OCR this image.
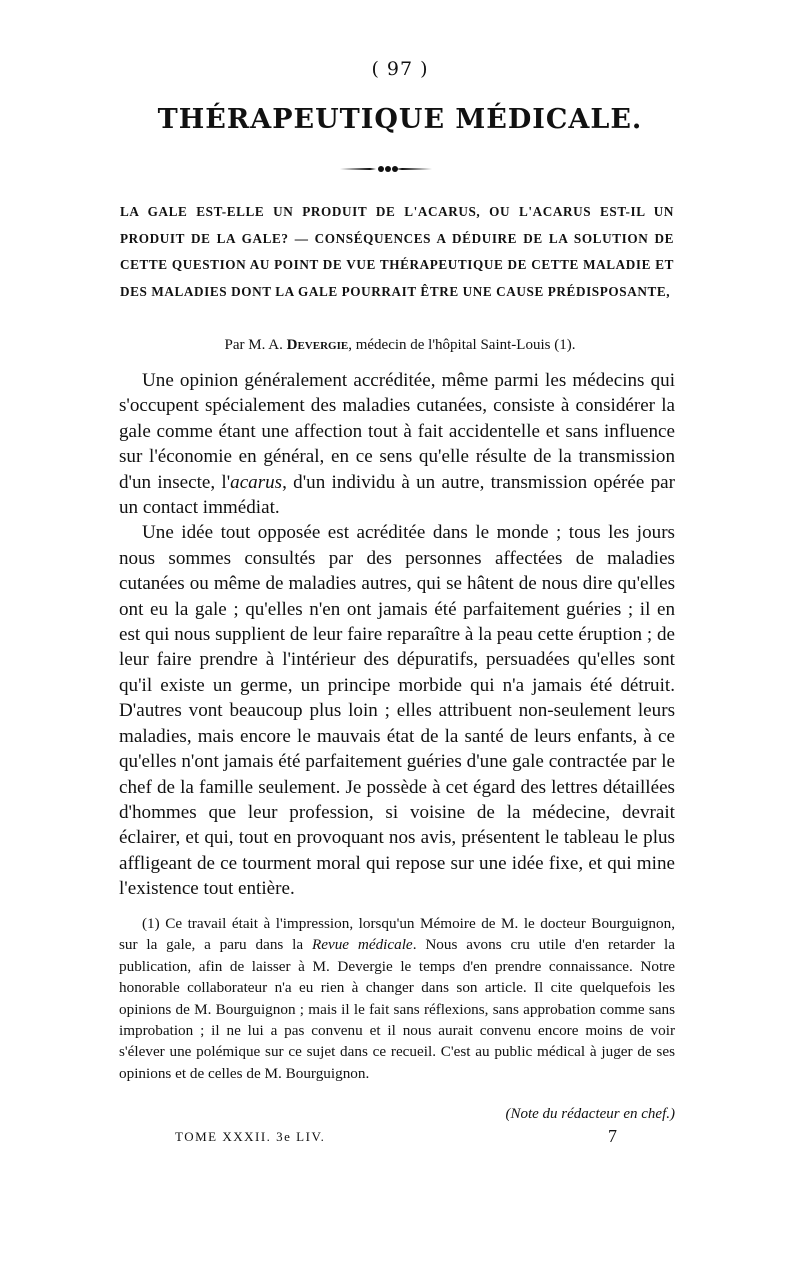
( 97 )
THÉRAPEUTIQUE MÉDICALE.
LA GALE EST-ELLE UN PRODUIT DE L'ACARUS, OU L'ACARUS EST-IL UN PRODUIT DE LA GALE? — CONSÉQUENCES A DÉDUIRE DE LA SOLUTION DE CETTE QUESTION AU POINT DE VUE THÉRAPEUTIQUE DE CETTE MALADIE ET DES MALADIES DONT LA GALE POURRAIT ÊTRE UNE CAUSE PRÉDISPOSANTE,
Par M. A. Devergie, médecin de l'hôpital Saint-Louis (1).

Une opinion généralement accréditée, même parmi les médecins qui s'occupent spécialement des maladies cutanées, consiste à considérer la gale comme étant une affection tout à fait accidentelle et sans influence sur l'économie en général, en ce sens qu'elle résulte de la transmission d'un insecte, l'acarus, d'un individu à un autre, transmission opérée par un contact immédiat.

Une idée tout opposée est acréditée dans le monde ; tous les jours nous sommes consultés par des personnes affectées de maladies cutanées ou même de maladies autres, qui se hâtent de nous dire qu'elles ont eu la gale ; qu'elles n'en ont jamais été parfaitement guéries ; il en est qui nous supplient de leur faire reparaître à la peau cette éruption ; de leur faire prendre à l'intérieur des dépuratifs, persuadées qu'elles sont qu'il existe un germe, un principe morbide qui n'a jamais été détruit. D'autres vont beaucoup plus loin ; elles attribuent non-seulement leurs maladies, mais encore le mauvais état de la santé de leurs enfants, à ce qu'elles n'ont jamais été parfaitement guéries d'une gale contractée par le chef de la famille seulement. Je possède à cet égard des lettres détaillées d'hommes que leur profession, si voisine de la médecine, devrait éclairer, et qui, tout en provoquant nos avis, présentent le tableau le plus affligeant de ce tourment moral qui repose sur une idée fixe, et qui mine l'existence tout entière.

(1) Ce travail était à l'impression, lorsqu'un Mémoire de M. le docteur Bourguignon, sur la gale, a paru dans la Revue médicale. Nous avons cru utile d'en retarder la publication, afin de laisser à M. Devergie le temps d'en prendre connaissance. Notre honorable collaborateur n'a eu rien à changer dans son article. Il cite quelquefois les opinions de M. Bourguignon ; mais il le fait sans réflexions, sans approbation comme sans improbation ; il ne lui a pas convenu et il nous aurait convenu encore moins de voir s'élever une polémique sur ce sujet dans ce recueil. C'est au public médical à juger de ses opinions et de celles de M. Bourguignon.
(Note du rédacteur en chef.)
TOME XXXII. 3e LIV.	7
